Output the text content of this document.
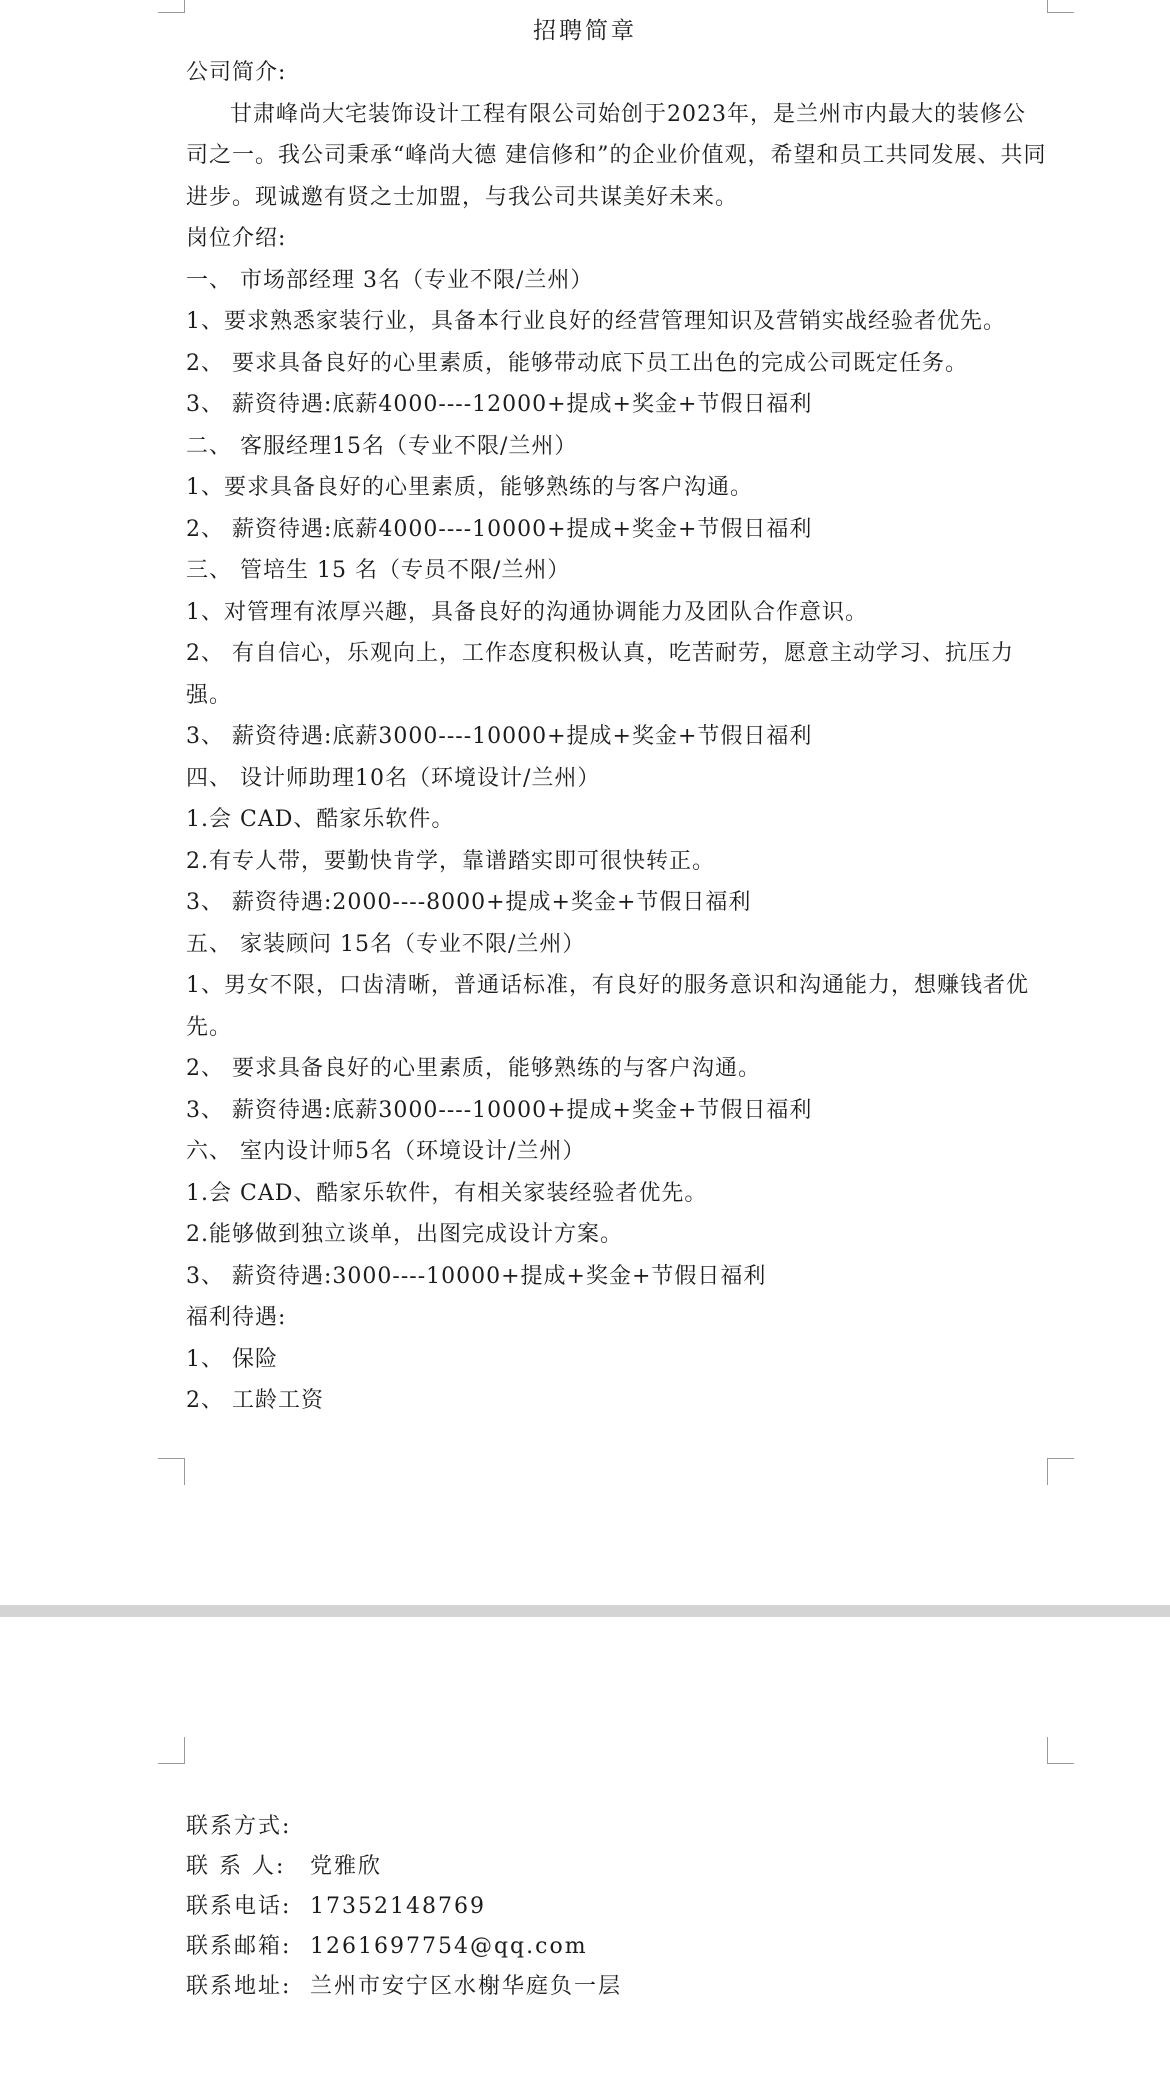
招聘简章

公司简介:

甘肃峰尚大宅装饰设计工程有限公司始创于2023年，是兰州市内最大的装修公司之一。我公司秉承“峰尚大德 建信修和”的企业价值观，希望和员工共同发展、共同进步。现诚邀有贤之士加盟，与我公司共谋美好未来。

岗位介绍:

一、 市场部经理 3名（专业不限/兰州）

1、要求熟悉家装行业，具备本行业良好的经营管理知识及营销实战经验者优先。

2、 要求具备良好的心里素质，能够带动底下员工出色的完成公司既定任务。

3、 薪资待遇:底薪4000----12000+提成+奖金+节假日福利

二、 客服经理15名（专业不限/兰州）

1、要求具备良好的心里素质，能够熟练的与客户沟通。

2、 薪资待遇:底薪4000----10000+提成+奖金+节假日福利

三、 管培生 15 名（专员不限/兰州）

1、对管理有浓厚兴趣，具备良好的沟通协调能力及团队合作意识。

2、 有自信心，乐观向上，工作态度积极认真，吃苦耐劳，愿意主动学习、抗压力强。

3、 薪资待遇:底薪3000----10000+提成+奖金+节假日福利

四、 设计师助理10名（环境设计/兰州）

1.会 CAD、酷家乐软件。

2.有专人带，要勤快肯学，靠谱踏实即可很快转正。

3、 薪资待遇:2000----8000+提成+奖金+节假日福利

五、 家装顾问 15名（专业不限/兰州）

1、男女不限，口齿清晰，普通话标准，有良好的服务意识和沟通能力，想赚钱者优先。

2、 要求具备良好的心里素质，能够熟练的与客户沟通。

3、 薪资待遇:底薪3000----10000+提成+奖金+节假日福利

六、 室内设计师5名（环境设计/兰州）

1.会 CAD、酷家乐软件，有相关家装经验者优先。

2.能够做到独立谈单，出图完成设计方案。

3、 薪资待遇:3000----10000+提成+奖金+节假日福利

福利待遇:

1、 保险

2、 工龄工资

联系方式:

联 系 人: 党雅欣

联系电话: 17352148769

联系邮箱: 1261697754@qq.com

联系地址: 兰州市安宁区水榭华庭负一层
